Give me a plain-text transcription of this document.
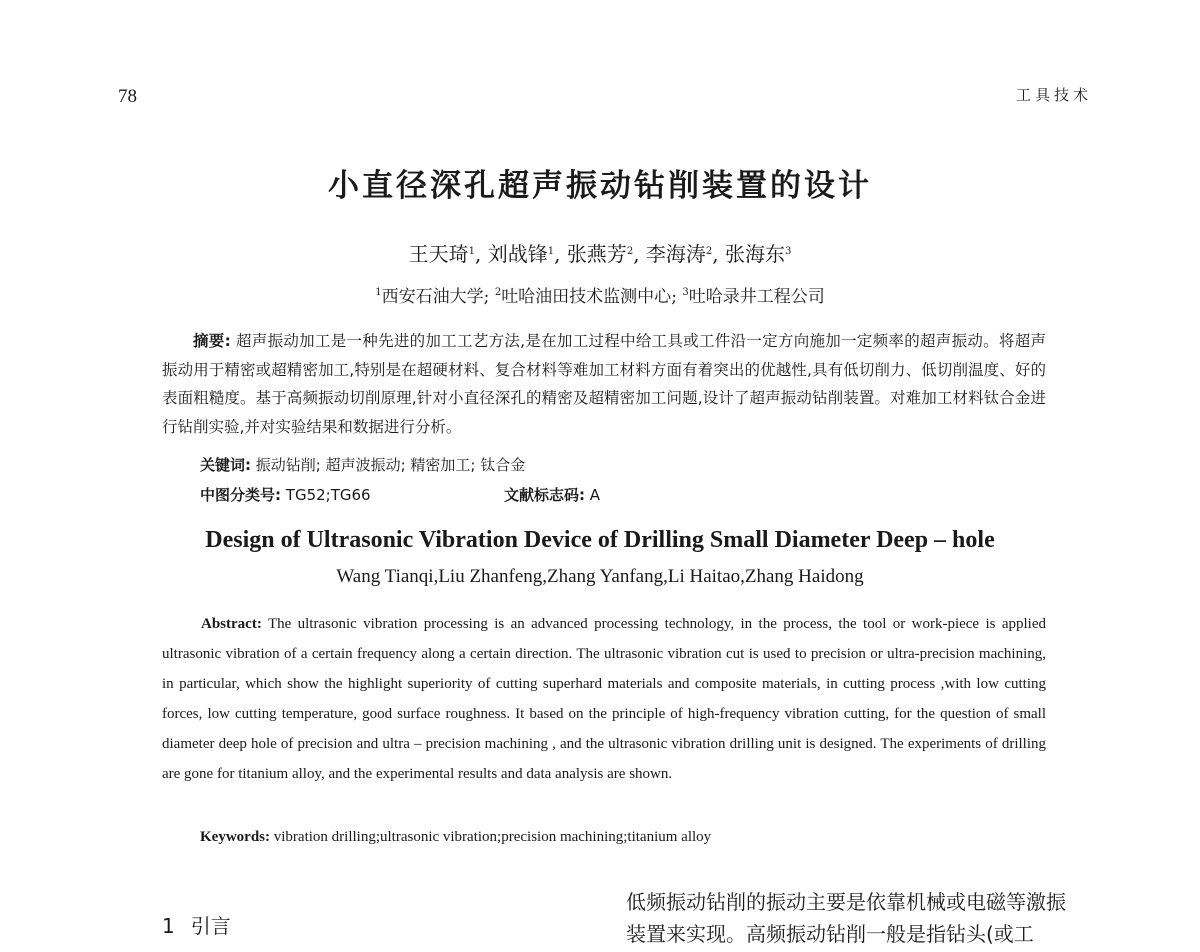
78	工具技术
小直径深孔超声振动钻削装置的设计
王天琦$^1$, 刘战锋$^1$, 张燕芳$^2$, 李海涛$^2$, 张海东$^3$
$^1$西安石油大学; $^2$吐哈油田技术监测中心; $^3$吐哈录井工程公司

摘要: 超声振动加工是一种先进的加工工艺方法,是在加工过程中给工具或工件沿一定方向施加一定频率的超声振动。将超声振动用于精密或超精密加工,特别是在超硬材料、复合材料等难加工材料方面有着突出的优越性,具有低切削力、低切削温度、好的表面粗糙度。基于高频振动切削原理,针对小直径深孔的精密及超精密加工问题,设计了超声振动钻削装置。对难加工材料钛合金进行钻削实验,并对实验结果和数据进行分析。

关键词: 振动钻削; 超声波振动; 精密加工; 钛合金
中图分类号: TG52;TG66	文献标志码: A
Design of Ultrasonic Vibration Device of Drilling Small Diameter Deep – hole
Wang Tianqi,Liu Zhanfeng,Zhang Yanfang,Li Haitao,Zhang Haidong

Abstract: The ultrasonic vibration processing is an advanced processing technology, in the process, the tool or work-piece is applied ultrasonic vibration of a certain frequency along a certain direction. The ultrasonic vibration cut is used to precision or ultra-precision machining, in particular, which show the highlight superiority of cutting superhard materials and composite materials, in cutting process ,with low cutting forces, low cutting temperature, good surface roughness. It based on the principle of high-frequency vibration cutting, for the question of small diameter deep hole of precision and ultra – precision machining , and the ultrasonic vibration drilling unit is designed. The experiments of drilling are gone for titanium alloy, and the experimental results and data analysis are shown.

Keywords: vibration drilling;ultrasonic vibration;precision machining;titanium alloy
1 引言

低频振动钻削的振动主要是依靠机械或电磁等激振装置来实现。高频振动钻削一般是指钻头(或工
